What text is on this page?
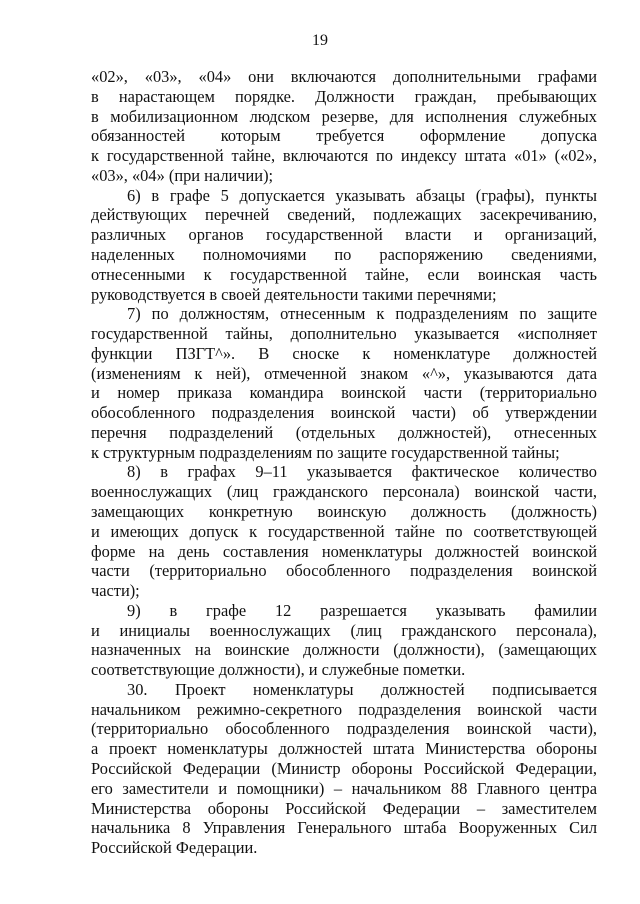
19
«02», «03», «04» они включаются дополнительными графами
в нарастающем порядке. Должности граждан, пребывающих
в мобилизационном людском резерве, для исполнения служебных
обязанностей которым требуется оформление допуска
к государственной тайне, включаются по индексу штата «01» («02»,
«03», «04» (при наличии);
6) в графе 5 допускается указывать абзацы (графы), пункты
действующих перечней сведений, подлежащих засекречиванию,
различных органов государственной власти и организаций,
наделенных полномочиями по распоряжению сведениями,
отнесенными к государственной тайне, если воинская часть
руководствуется в своей деятельности такими перечнями;
7) по должностям, отнесенным к подразделениям по защите
государственной тайны, дополнительно указывается «исполняет
функции ПЗГТ^». В сноске к номенклатуре должностей
(изменениям к ней), отмеченной знаком «^», указываются дата
и номер приказа командира воинской части (территориально
обособленного подразделения воинской части) об утверждении
перечня подразделений (отдельных должностей), отнесенных
к структурным подразделениям по защите государственной тайны;
8) в графах 9–11 указывается фактическое количество
военнослужащих (лиц гражданского персонала) воинской части,
замещающих конкретную воинскую должность (должность)
и имеющих допуск к государственной тайне по соответствующей
форме на день составления номенклатуры должностей воинской
части (территориально обособленного подразделения воинской
части);
9) в графе 12 разрешается указывать фамилии
и инициалы военнослужащих (лиц гражданского персонала),
назначенных на воинские должности (должности), (замещающих
соответствующие должности), и служебные пометки.
30. Проект номенклатуры должностей подписывается
начальником режимно-секретного подразделения воинской части
(территориально обособленного подразделения воинской части),
а проект номенклатуры должностей штата Министерства обороны
Российской Федерации (Министр обороны Российской Федерации,
его заместители и помощники) – начальником 88 Главного центра
Министерства обороны Российской Федерации – заместителем
начальника 8 Управления Генерального штаба Вооруженных Сил
Российской Федерации.
